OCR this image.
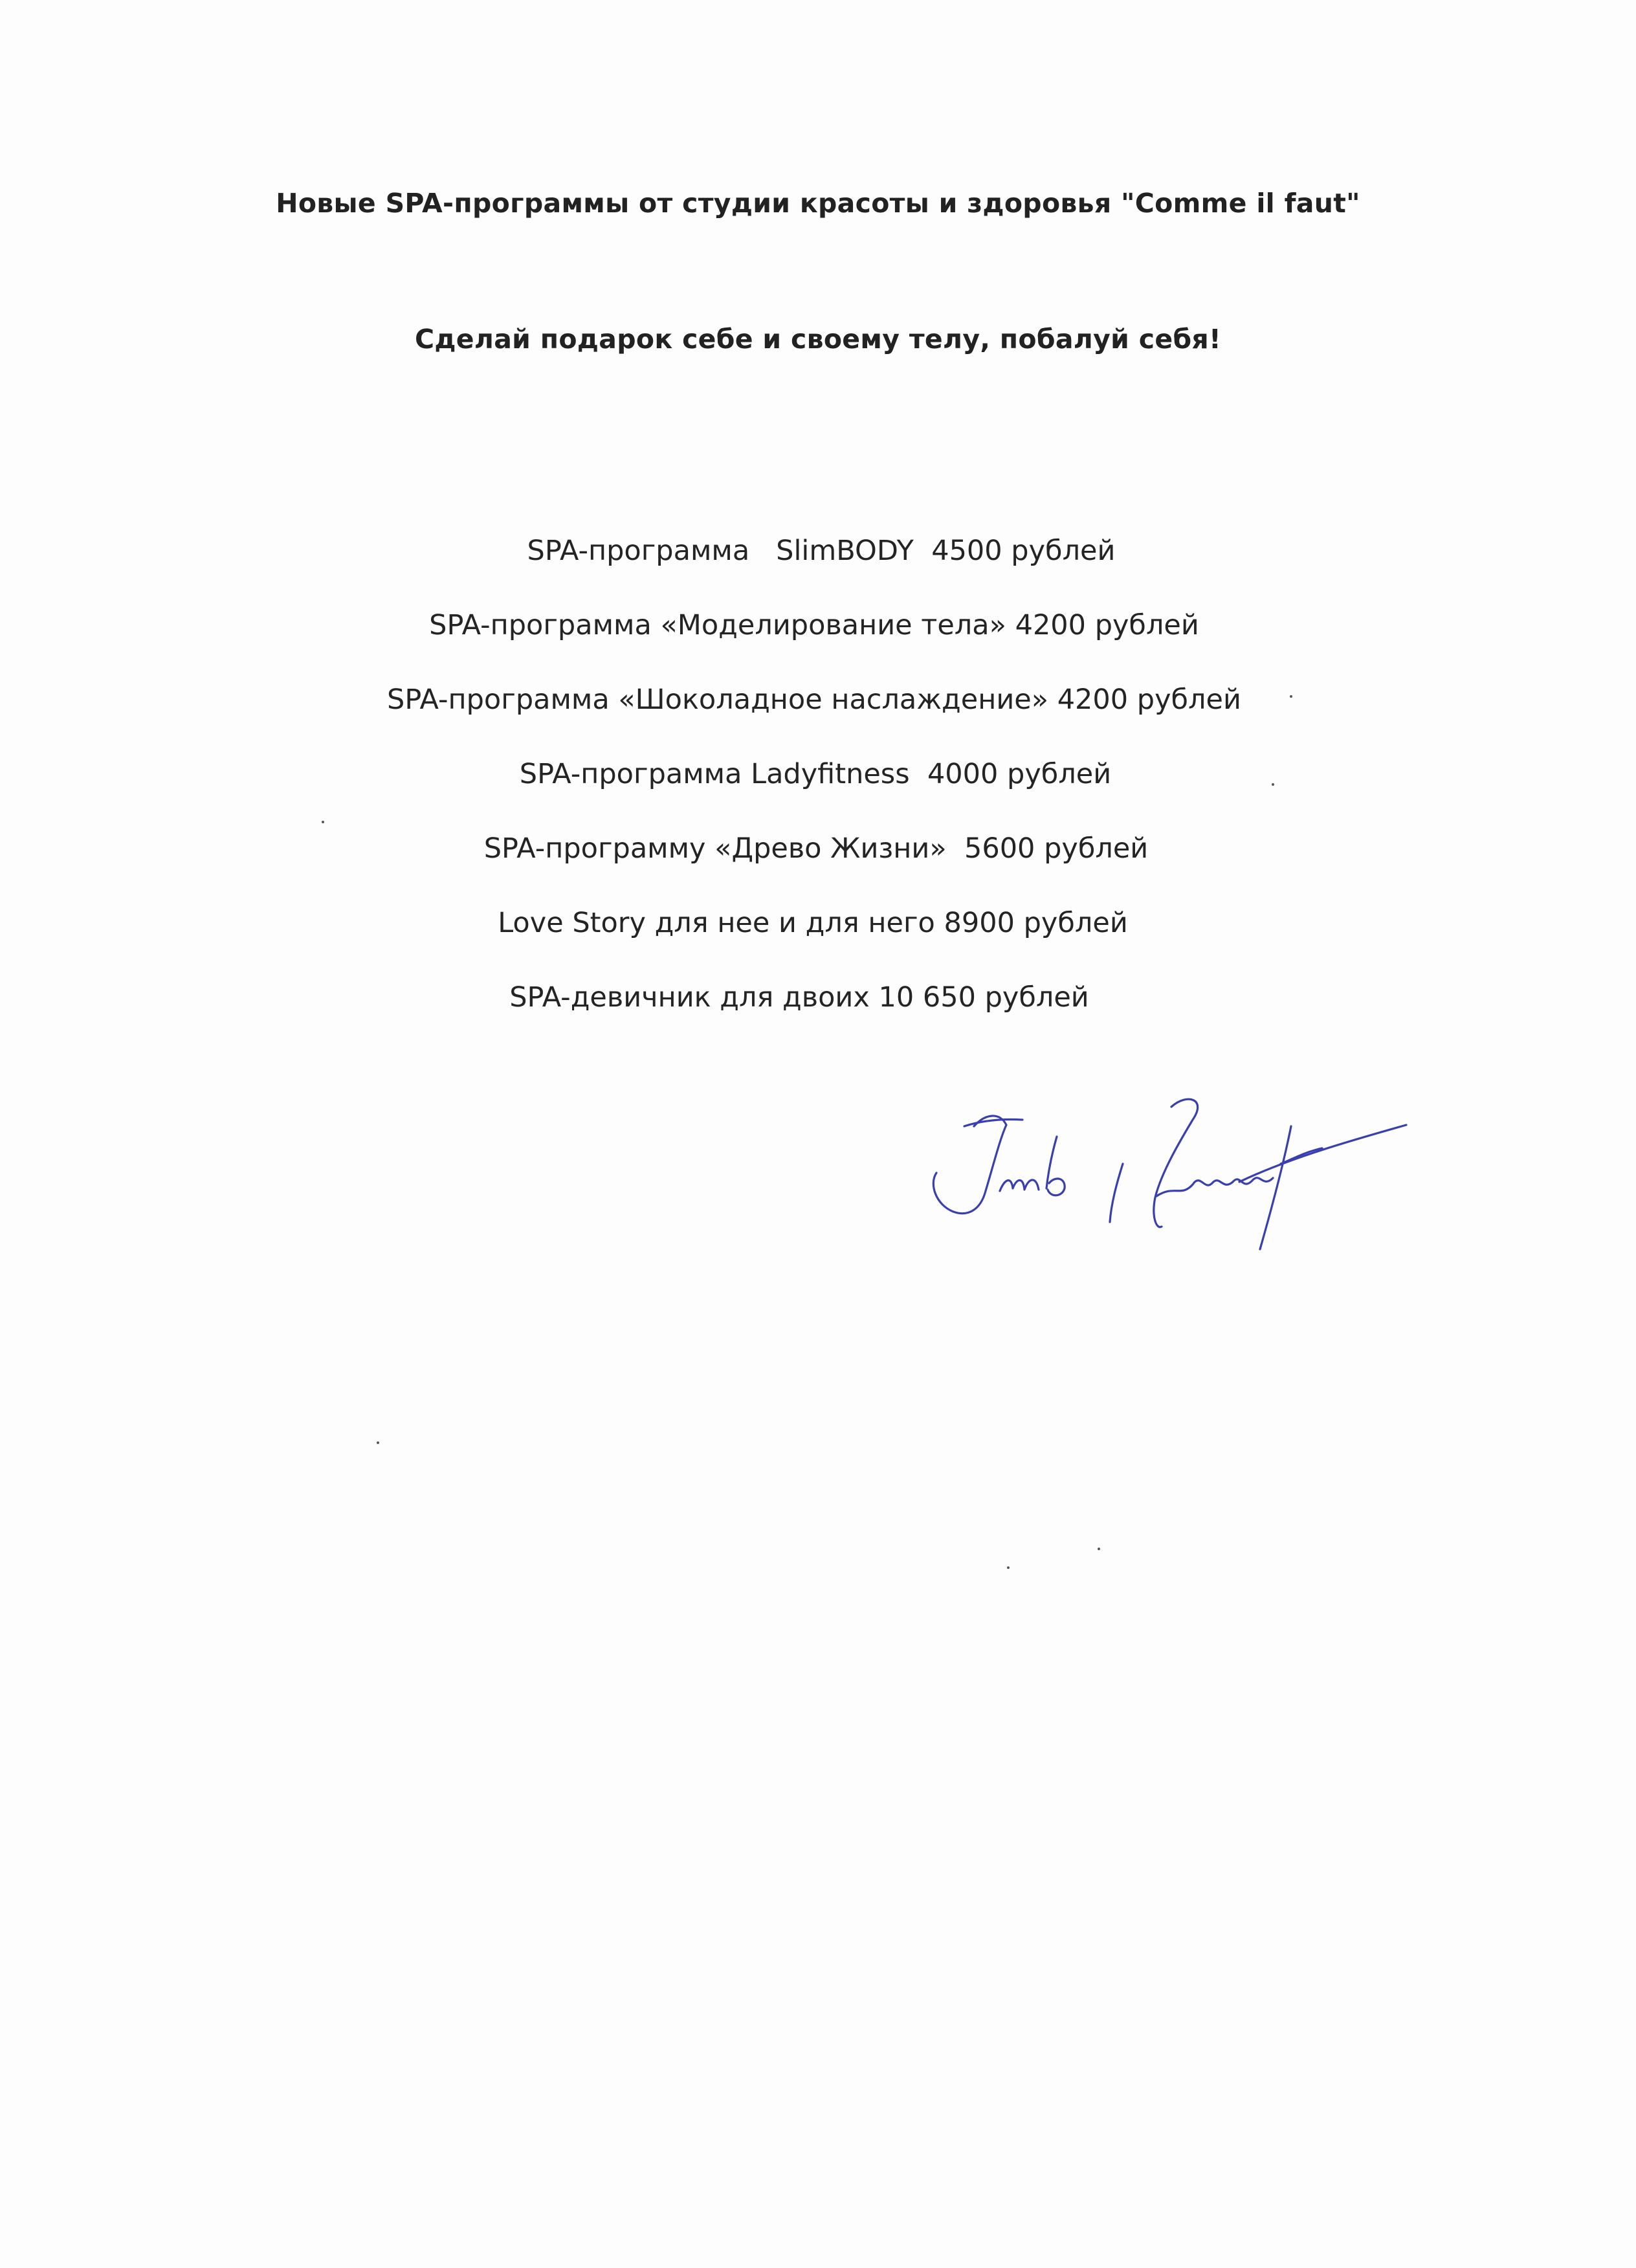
Новые SPA-программы от студии красоты и здоровья "Comme il faut"
Сделай подарок себе и своему телу, побалуй себя!
SPA-программа   SlimBODY  4500 рублей
SPA-программа «Моделирование тела» 4200 рублей
SPA-программа «Шоколадное наслаждение» 4200 рублей
SPA-программа Ladyfitness  4000 рублей
SPA-программу «Древо Жизни»  5600 рублей
Love Story для нее и для него 8900 рублей
SPA-девичник для двоих 10 650 рублей
